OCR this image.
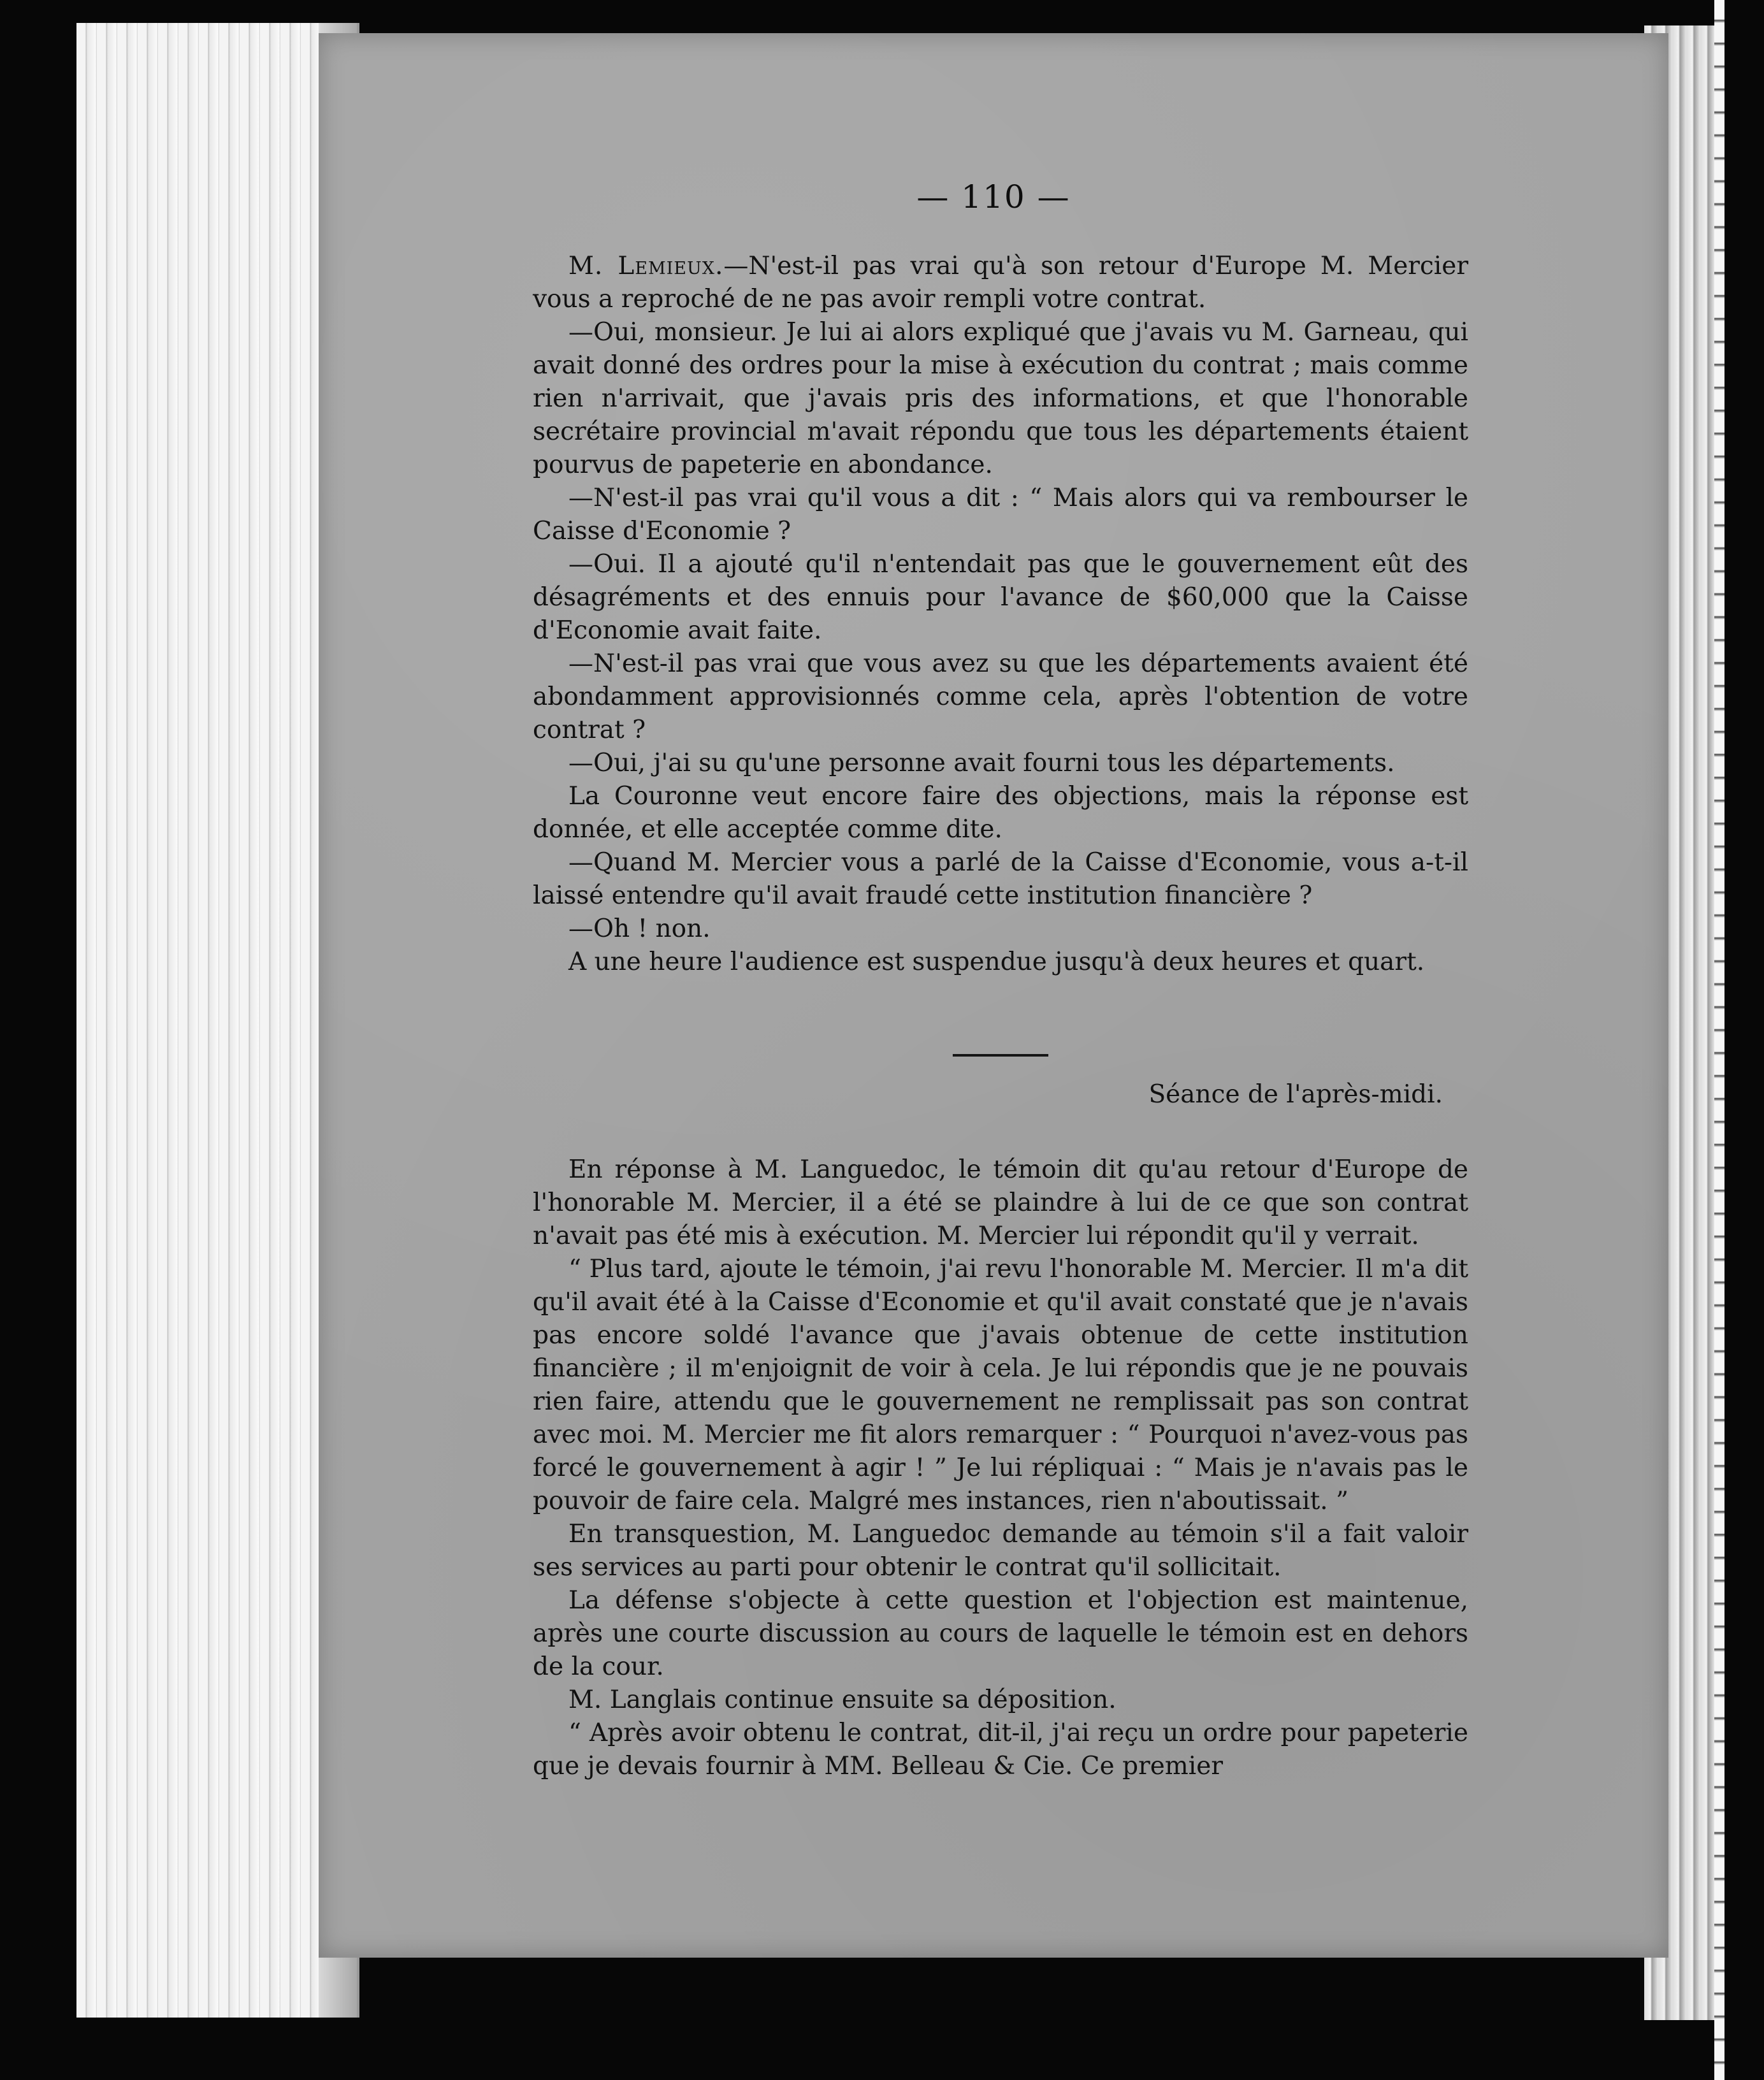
— 110 —

M. Lemieux.—N'est-il pas vrai qu'à son retour d'Europe M. Mercier vous a reproché de ne pas avoir rempli votre contrat.

—Oui, monsieur. Je lui ai alors expliqué que j'avais vu M. Garneau, qui avait donné des ordres pour la mise à exécution du contrat ; mais comme rien n'arrivait, que j'avais pris des informations, et que l'honorable secrétaire provincial m'avait répondu que tous les départements étaient pourvus de papeterie en abondance.

—N'est-il pas vrai qu'il vous a dit : “ Mais alors qui va rembourser le Caisse d'Economie ?

—Oui. Il a ajouté qu'il n'entendait pas que le gouvernement eût des désagréments et des ennuis pour l'avance de $60,000 que la Caisse d'Economie avait faite.

—N'est-il pas vrai que vous avez su que les départements avaient été abondamment approvisionnés comme cela, après l'obtention de votre contrat ?

—Oui, j'ai su qu'une personne avait fourni tous les départements.

La Couronne veut encore faire des objections, mais la réponse est donnée, et elle acceptée comme dite.

—Quand M. Mercier vous a parlé de la Caisse d'Economie, vous a-t-il laissé entendre qu'il avait fraudé cette institution financière ?

—Oh ! non.

A une heure l'audience est suspendue jusqu'à deux heures et quart.

Séance de l'après-midi.

En réponse à M. Languedoc, le témoin dit qu'au retour d'Europe de l'honorable M. Mercier, il a été se plaindre à lui de ce que son contrat n'avait pas été mis à exécution. M. Mercier lui répondit qu'il y verrait.

“ Plus tard, ajoute le témoin, j'ai revu l'honorable M. Mercier. Il m'a dit qu'il avait été à la Caisse d'Economie et qu'il avait constaté que je n'avais pas encore soldé l'avance que j'avais obtenue de cette institution financière ; il m'enjoignit de voir à cela. Je lui répondis que je ne pouvais rien faire, attendu que le gouvernement ne remplissait pas son contrat avec moi. M. Mercier me fit alors remarquer : “ Pourquoi n'avez-vous pas forcé le gouvernement à agir ! ” Je lui répliquai : “ Mais je n'avais pas le pouvoir de faire cela. Malgré mes instances, rien n'aboutissait. ”

En transquestion, M. Languedoc demande au témoin s'il a fait valoir ses services au parti pour obtenir le contrat qu'il sollicitait.

La défense s'objecte à cette question et l'objection est maintenue, après une courte discussion au cours de laquelle le témoin est en dehors de la cour.

M. Langlais continue ensuite sa déposition.

“ Après avoir obtenu le contrat, dit-il, j'ai reçu un ordre pour papeterie que je devais fournir à MM. Belleau & Cie. Ce premier
